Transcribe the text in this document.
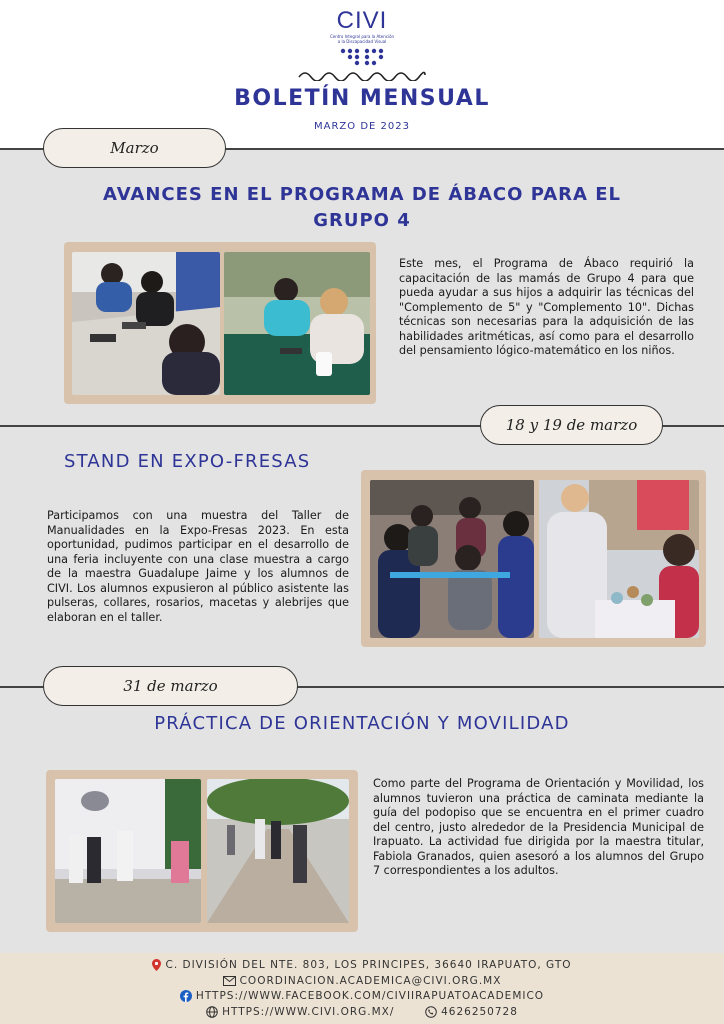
CIVI
Centro Integral para la Atención
a la Discapacidad Visual
BOLETÍN MENSUAL
MARZO DE 2023
Marzo
AVANCES EN EL PROGRAMA DE ÁBACO PARA EL
GRUPO 4
Este mes, el Programa de Ábaco requirió la capacitación de las mamás de Grupo 4 para que pueda ayudar a sus hijos a adquirir las técnicas del "Complemento de 5" y "Complemento 10". Dichas técnicas son necesarias para la adquisición de las habilidades aritméticas, así como para el desarrollo del pensamiento lógico-matemático en los niños.
18 y 19 de marzo
STAND EN EXPO-FRESAS
Participamos con una muestra del Taller de Manualidades en la Expo-Fresas 2023. En esta oportunidad, pudimos participar en el desarrollo de una feria incluyente con una clase muestra a cargo de la maestra Guadalupe Jaime y los alumnos de CIVI. Los alumnos expusieron al público asistente las pulseras, collares, rosarios, macetas y alebrijes que elaboran en el taller.
31 de marzo
PRÁCTICA DE ORIENTACIÓN Y MOVILIDAD
Como parte del Programa de Orientación y Movilidad, los alumnos tuvieron una práctica de caminata mediante la guía del podopiso que se encuentra en el primer cuadro del centro, justo alrededor de la Presidencia Municipal de Irapuato. La actividad fue dirigida por la maestra titular, Fabiola Granados, quien asesoró a los alumnos del Grupo 7 correspondientes a los adultos.
C. DIVISIÓN DEL NTE. 803, LOS PRINCIPES, 36640 IRAPUATO, GTO
COORDINACION.ACADEMICA@CIVI.ORG.MX
HTTPS://WWW.FACEBOOK.COM/CIVIIRAPUATOACADEMICO
HTTPS://WWW.CIVI.ORG.MX/	4626250728
